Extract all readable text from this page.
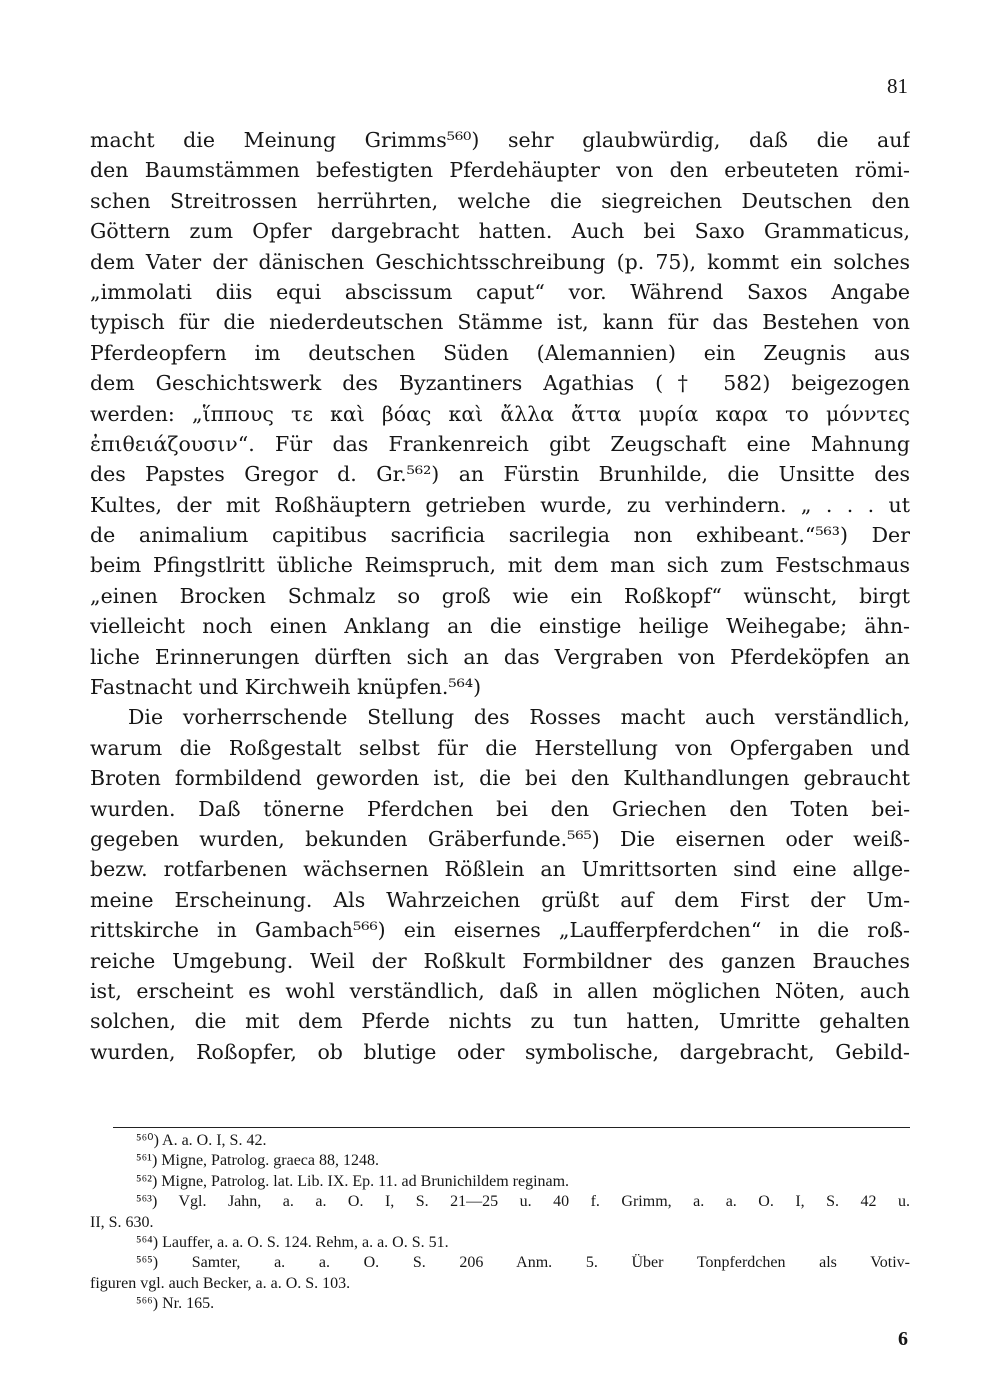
81
macht die Meinung Grimms⁵⁶⁰) sehr glaubwürdig, daß die auf
den Baumstämmen befestigten Pferdehäupter von den erbeuteten römi-
schen Streitrossen herrührten, welche die siegreichen Deutschen den
Göttern zum Opfer dargebracht hatten. Auch bei Saxo Grammaticus,
dem Vater der dänischen Geschichtsschreibung (p. 75), kommt ein solches
„immolati diis equi abscissum caput“ vor. Während Saxos Angabe
typisch für die niederdeutschen Stämme ist, kann für das Bestehen von
Pferdeopfern im deutschen Süden (Alemannien) ein Zeugnis aus
dem Geschichtswerk des Byzantiners Agathias († 582) beigezogen
werden: „ἵππους τε καὶ βόας καὶ ἄλλα ἄττα μυρία καρα το μόνντες
ἐπιθειάζουσιν“. Für das Frankenreich gibt Zeugschaft eine Mahnung
des Papstes Gregor d. Gr.⁵⁶²) an Fürstin Brunhilde, die Unsitte des
Kultes, der mit Roßhäuptern getrieben wurde, zu verhindern. „ . . . ut
de animalium capitibus sacrificia sacrilegia non exhibeant.“⁵⁶³) Der
beim Pfingstlritt übliche Reimspruch, mit dem man sich zum Festschmaus
„einen Brocken Schmalz so groß wie ein Roßkopf“ wünscht, birgt
vielleicht noch einen Anklang an die einstige heilige Weihegabe; ähn-
liche Erinnerungen dürften sich an das Vergraben von Pferdeköpfen an
Fastnacht und Kirchweih knüpfen.⁵⁶⁴)
Die vorherrschende Stellung des Rosses macht auch verständlich,
warum die Roßgestalt selbst für die Herstellung von Opfergaben und
Broten formbildend geworden ist, die bei den Kulthandlungen gebraucht
wurden. Daß tönerne Pferdchen bei den Griechen den Toten bei-
gegeben wurden, bekunden Gräberfunde.⁵⁶⁵) Die eisernen oder weiß-
bezw. rotfarbenen wächsernen Rößlein an Umrittsorten sind eine allge-
meine Erscheinung. Als Wahrzeichen grüßt auf dem First der Um-
rittskirche in Gambach⁵⁶⁶) ein eisernes „Laufferpferdchen“ in die roß-
reiche Umgebung. Weil der Roßkult Formbildner des ganzen Brauches
ist, erscheint es wohl verständlich, daß in allen möglichen Nöten, auch
solchen, die mit dem Pferde nichts zu tun hatten, Umritte gehalten
wurden, Roßopfer, ob blutige oder symbolische, dargebracht, Gebild-
⁵⁶⁰) A. a. O. I, S. 42.
⁵⁶¹) Migne, Patrolog. graeca 88, 1248.
⁵⁶²) Migne, Patrolog. lat. Lib. IX. Ep. 11. ad Brunichildem reginam.
⁵⁶³) Vgl. Jahn, a. a. O. I, S. 21—25 u. 40 f. Grimm, a. a. O. I, S. 42 u.
II, S. 630.
⁵⁶⁴) Lauffer, a. a. O. S. 124. Rehm, a. a. O. S. 51.
⁵⁶⁵) Samter, a. a. O. S. 206 Anm. 5. Über Tonpferdchen als Votiv-
figuren vgl. auch Becker, a. a. O. S. 103.
⁵⁶⁶) Nr. 165.
6
